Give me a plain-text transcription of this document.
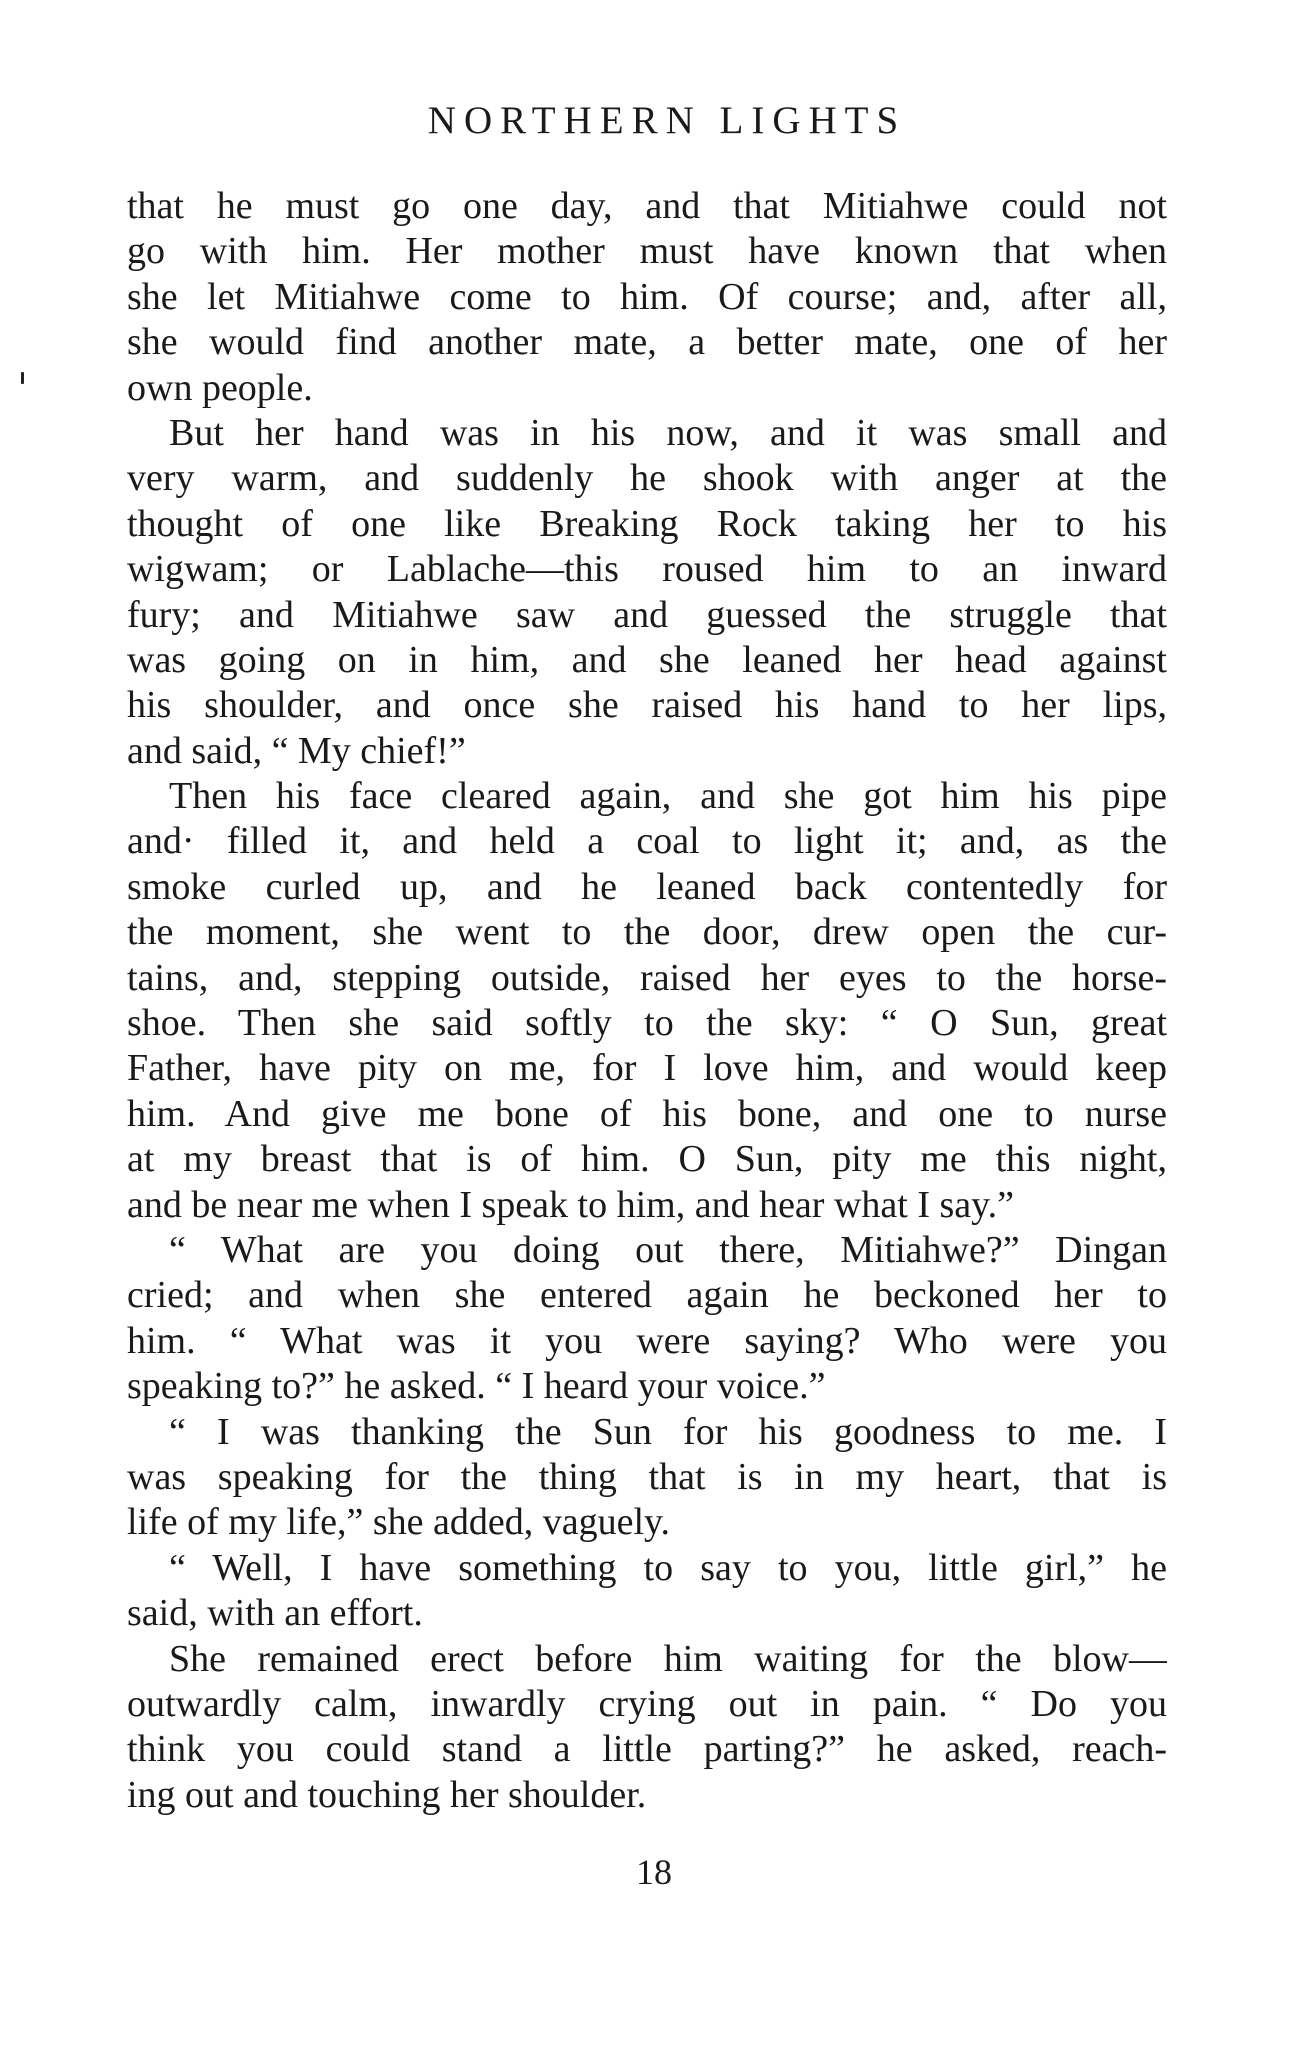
NORTHERN LIGHTS
that he must go one day, and that Mitiahwe could not
go with him. Her mother must have known that when
she let Mitiahwe come to him. Of course; and, after all,
she would find another mate, a better mate, one of her
own people.
But her hand was in his now, and it was small and
very warm, and suddenly he shook with anger at the
thought of one like Breaking Rock taking her to his
wigwam; or Lablache—this roused him to an inward
fury; and Mitiahwe saw and guessed the struggle that
was going on in him, and she leaned her head against
his shoulder, and once she raised his hand to her lips,
and said, “ My chief!”
Then his face cleared again, and she got him his pipe
and· filled it, and held a coal to light it; and, as the
smoke curled up, and he leaned back contentedly for
the moment, she went to the door, drew open the cur-
tains, and, stepping outside, raised her eyes to the horse-
shoe. Then she said softly to the sky: “ O Sun, great
Father, have pity on me, for I love him, and would keep
him. And give me bone of his bone, and one to nurse
at my breast that is of him. O Sun, pity me this night,
and be near me when I speak to him, and hear what I say.”
“ What are you doing out there, Mitiahwe?” Dingan
cried; and when she entered again he beckoned her to
him. “ What was it you were saying? Who were you
speaking to?” he asked. “ I heard your voice.”
“ I was thanking the Sun for his goodness to me. I
was speaking for the thing that is in my heart, that is
life of my life,” she added, vaguely.
“ Well, I have something to say to you, little girl,” he
said, with an effort.
She remained erect before him waiting for the blow—
outwardly calm, inwardly crying out in pain. “ Do you
think you could stand a little parting?” he asked, reach-
ing out and touching her shoulder.
18
